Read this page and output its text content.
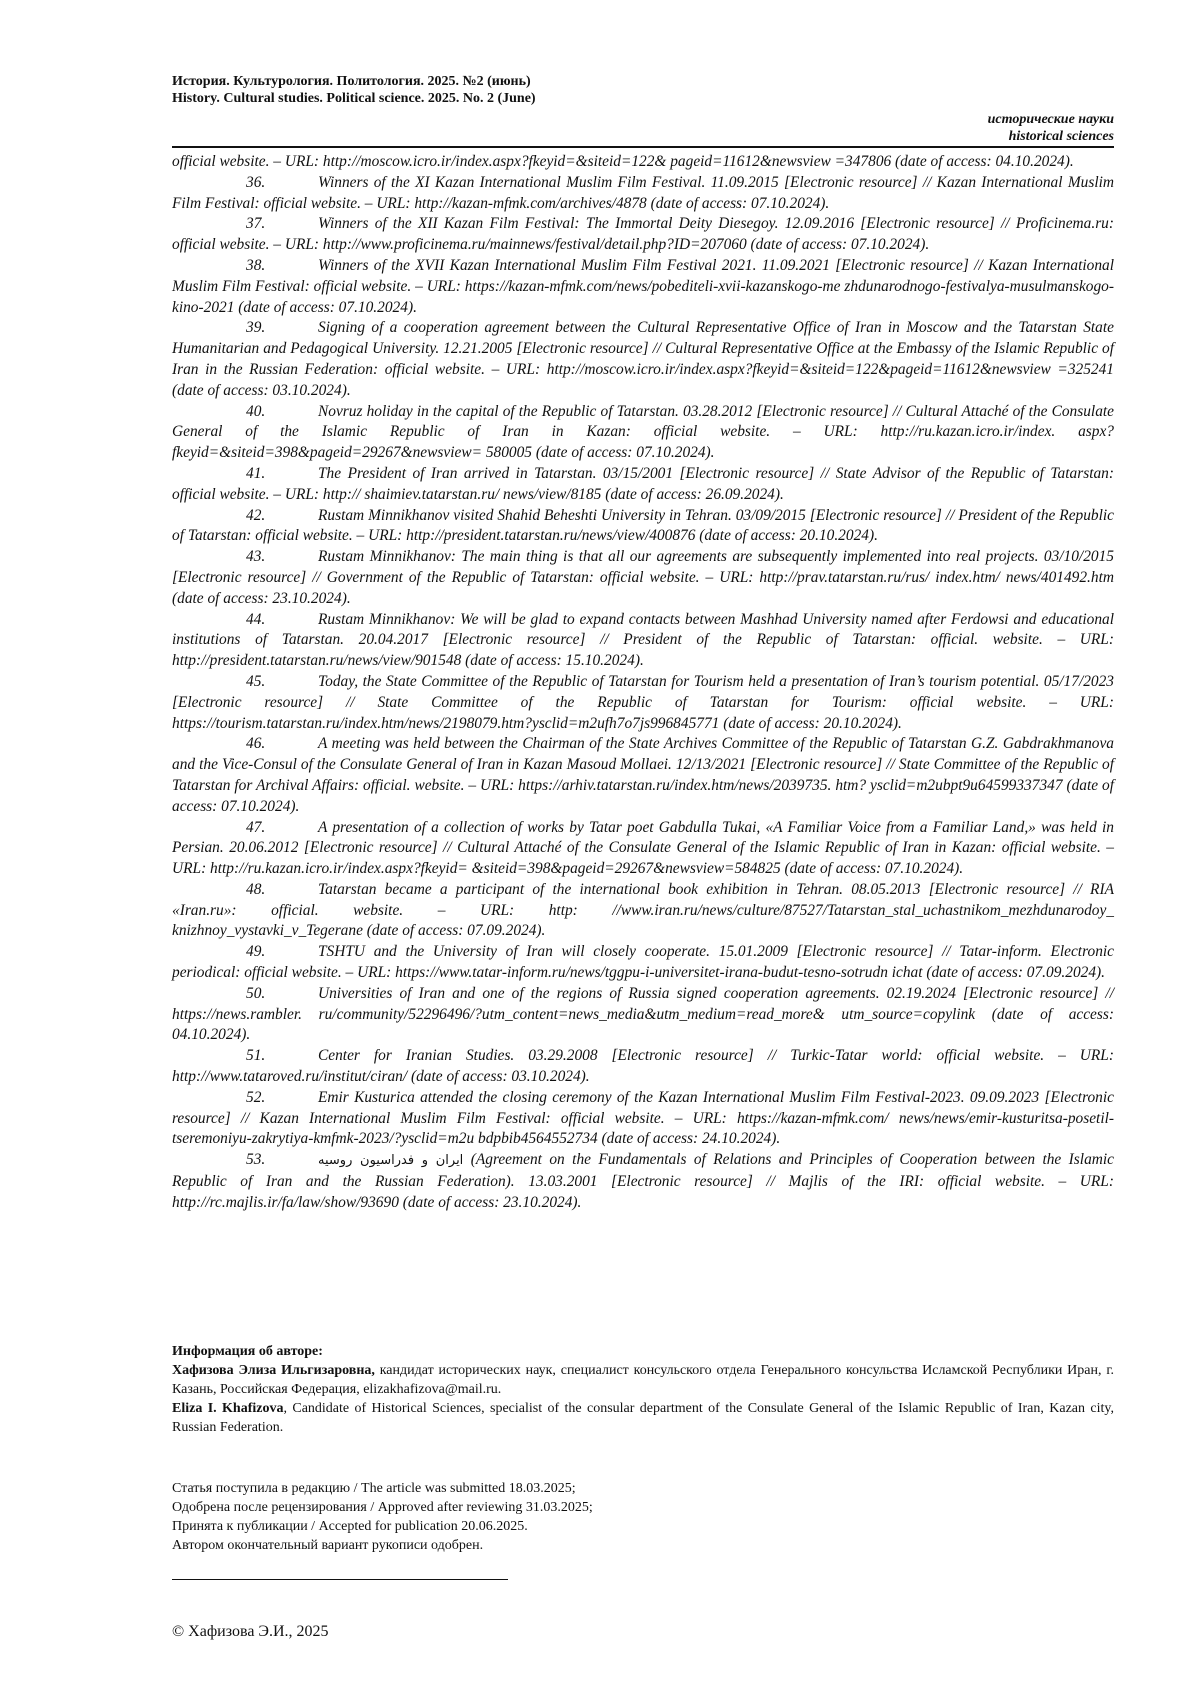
История. Культурология. Политология. 2025. №2 (июнь)
History. Cultural studies. Political science. 2025. No. 2 (June)
исторические науки
historical sciences

official website. – URL: http://moscow.icro.ir/index.aspx?fkeyid=&siteid=122& pageid=11612&newsview =347806 (date of access: 04.10.2024).

36.	Winners of the XI Kazan International Muslim Film Festival. 11.09.2015 [Electronic resource] // Kazan International Muslim Film Festival: official website. – URL: http://kazan-mfmk.com/archives/4878 (date of access: 07.10.2024).

37.	Winners of the XII Kazan Film Festival: The Immortal Deity Diesegoy. 12.09.2016 [Electronic resource] // Proficinema.ru: official website. – URL: http://www.proficinema.ru/mainnews/festival/detail.php?ID=207060 (date of access: 07.10.2024).

38.	Winners of the XVII Kazan International Muslim Film Festival 2021. 11.09.2021 [Electronic resource] // Kazan International Muslim Film Festival: official website. – URL: https://kazan-mfmk.com/news/pobediteli-xvii-kazanskogo-me zhdunarodnogo-festivalya-musulmanskogo-kino-2021 (date of access: 07.10.2024).

39.	Signing of a cooperation agreement between the Cultural Representative Office of Iran in Moscow and the Tatarstan State Humanitarian and Pedagogical University. 12.21.2005 [Electronic resource] // Cultural Representative Office at the Embassy of the Islamic Republic of Iran in the Russian Federation: official website. – URL: http://moscow.icro.ir/index.aspx?fkeyid=&siteid=122&pageid=11612&newsview =325241 (date of access: 03.10.2024).

40.	Novruz holiday in the capital of the Republic of Tatarstan. 03.28.2012 [Electronic resource] // Cultural Attaché of the Consulate General of the Islamic Republic of Iran in Kazan: official website. – URL: http://ru.kazan.icro.ir/index. aspx?fkeyid=&siteid=398&pageid=29267&newsview= 580005 (date of access: 07.10.2024).

41.	The President of Iran arrived in Tatarstan. 03/15/2001 [Electronic resource] // State Advisor of the Republic of Tatarstan: official website. – URL: http:// shaimiev.tatarstan.ru/ news/view/8185 (date of access: 26.09.2024).

42.	Rustam Minnikhanov visited Shahid Beheshti University in Tehran. 03/09/2015 [Electronic resource] // President of the Republic of Tatarstan: official website. – URL: http://president.tatarstan.ru/news/view/400876 (date of access: 20.10.2024).

43.	Rustam Minnikhanov: The main thing is that all our agreements are subsequently implemented into real projects. 03/10/2015 [Electronic resource] // Government of the Republic of Tatarstan: official website. – URL: http://prav.tatarstan.ru/rus/ index.htm/ news/401492.htm (date of access: 23.10.2024).

44.	Rustam Minnikhanov: We will be glad to expand contacts between Mashhad University named after Ferdowsi and educational institutions of Tatarstan. 20.04.2017 [Electronic resource] // President of the Republic of Tatarstan: official. website. – URL: http://president.tatarstan.ru/news/view/901548 (date of access: 15.10.2024).

45.	Today, the State Committee of the Republic of Tatarstan for Tourism held a presentation of Iran’s tourism potential. 05/17/2023 [Electronic resource] // State Committee of the Republic of Tatarstan for Tourism: official website. – URL: https://tourism.tatarstan.ru/index.htm/news/2198079.htm?ysclid=m2ufh7o7js996845771 (date of access: 20.10.2024).

46.	A meeting was held between the Chairman of the State Archives Committee of the Republic of Tatarstan G.Z. Gabdrakhmanova and the Vice-Consul of the Consulate General of Iran in Kazan Masoud Mollaei. 12/13/2021 [Electronic resource] // State Committee of the Republic of Tatarstan for Archival Affairs: official. website. – URL: https://arhiv.tatarstan.ru/index.htm/news/2039735. htm? ysclid=m2ubpt9u64599337347 (date of access: 07.10.2024).

47.	A presentation of a collection of works by Tatar poet Gabdulla Tukai, «A Familiar Voice from a Familiar Land,» was held in Persian. 20.06.2012 [Electronic resource] // Cultural Attaché of the Consulate General of the Islamic Republic of Iran in Kazan: official website. – URL: http://ru.kazan.icro.ir/index.aspx?fkeyid= &siteid=398&pageid=29267&newsview=584825 (date of access: 07.10.2024).

48.	Tatarstan became a participant of the international book exhibition in Tehran. 08.05.2013 [Electronic resource] // RIA «Iran.ru»: official. website. – URL: http: //www.iran.ru/news/culture/87527/Tatarstan_stal_uchastnikom_mezhdunarodoy_ knizhnoy_vystavki_v_Tegerane (date of access: 07.09.2024).

49.	TSHTU and the University of Iran will closely cooperate. 15.01.2009 [Electronic resource] // Tatar-inform. Electronic periodical: official website. – URL: https://www.tatar-inform.ru/news/tggpu-i-universitet-irana-budut-tesno-sotrudn ichat (date of access: 07.09.2024).

50.	Universities of Iran and one of the regions of Russia signed cooperation agreements. 02.19.2024 [Electronic resource] // https://news.rambler. ru/community/52296496/?utm_content=news_media&utm_medium=read_more& utm_source=copylink (date of access: 04.10.2024).

51.	Center for Iranian Studies. 03.29.2008 [Electronic resource] // Turkic-Tatar world: official website. – URL: http://www.tataroved.ru/institut/ciran/ (date of access: 03.10.2024).

52.	Emir Kusturica attended the closing ceremony of the Kazan International Muslim Film Festival-2023. 09.09.2023 [Electronic resource] // Kazan International Muslim Film Festival: official website. – URL: https://kazan-mfmk.com/ news/news/emir-kusturitsa-posetil-tseremoniyu-zakrytiya-kmfmk-2023/?ysclid=m2u bdpbib4564552734 (date of access: 24.10.2024).

53.	ایران و فدراسیون روسیه (Agreement on the Fundamentals of Relations and Principles of Cooperation between the Islamic Republic of Iran and the Russian Federation). 13.03.2001 [Electronic resource] // Majlis of the IRI: official website. – URL: http://rc.majlis.ir/fa/law/show/93690 (date of access: 23.10.2024).

Информация об авторе:

Хафизова Элиза Ильгизаровна, кандидат исторических наук, специалист консульского отдела Генерального консульства Исламской Республики Иран, г. Казань, Российская Федерация, elizakhafizova@mail.ru.

Eliza I. Khafizova, Candidate of Historical Sciences, specialist of the consular department of the Consulate General of the Islamic Republic of Iran, Kazan city, Russian Federation.

Статья поступила в редакцию / The article was submitted 18.03.2025;

Одобрена после рецензирования / Approved after reviewing 31.03.2025;

Принята к публикации / Accepted for publication 20.06.2025.

Автором окончательный вариант рукописи одобрен.

© Хафизова Э.И., 2025
